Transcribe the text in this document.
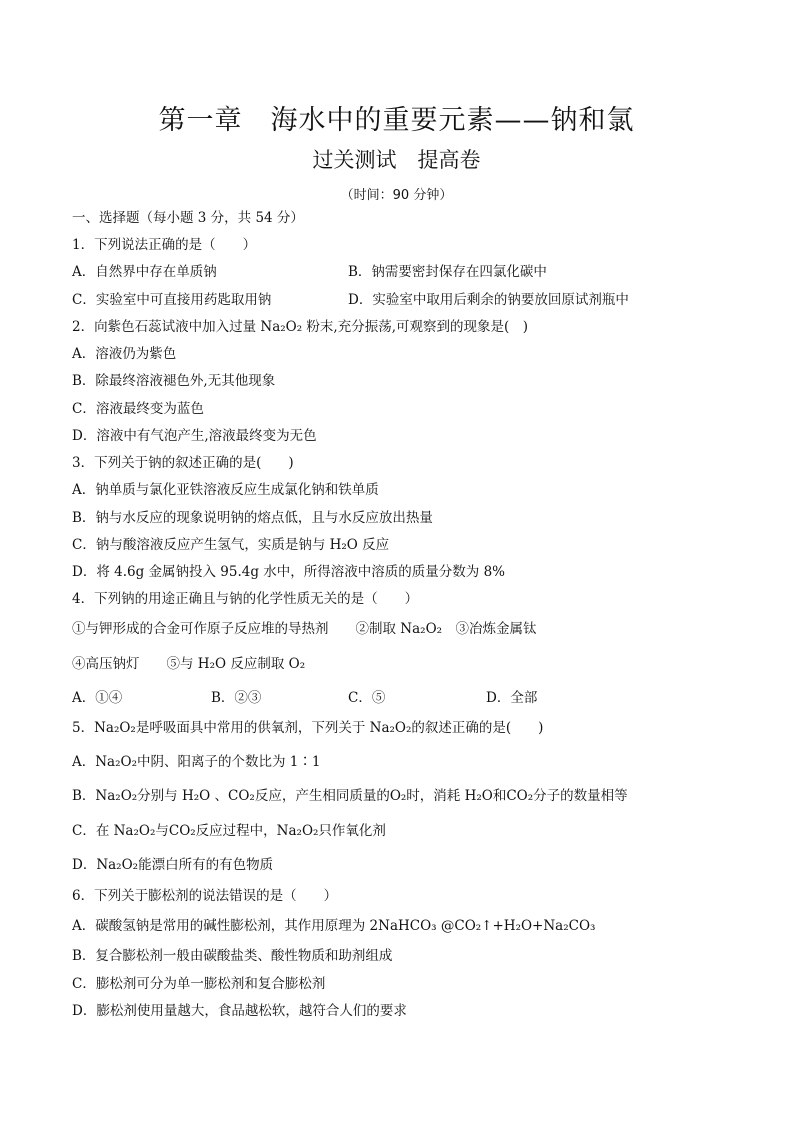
第一章　海水中的重要元素——钠和氯
过关测试　提高卷
（时间：90 分钟）
一、选择题（每小题 3 分，共 54 分）
1．下列说法正确的是（　　）
A．自然界中存在单质钠	B．钠需要密封保存在四氯化碳中
C．实验室中可直接用药匙取用钠	D．实验室中取用后剩余的钠要放回原试剂瓶中
2．向紫色石蕊试液中加入过量 Na₂O₂ 粉末,充分振荡,可观察到的现象是(　)
A．溶液仍为紫色
B．除最终溶液褪色外,无其他现象
C．溶液最终变为蓝色
D．溶液中有气泡产生,溶液最终变为无色
3．下列关于钠的叙述正确的是(　　)
A．钠单质与氯化亚铁溶液反应生成氯化钠和铁单质
B．钠与水反应的现象说明钠的熔点低，且与水反应放出热量
C．钠与酸溶液反应产生氢气，实质是钠与 H₂O 反应
D．将 4.6g 金属钠投入 95.4g 水中，所得溶液中溶质的质量分数为 8%
4．下列钠的用途正确且与钠的化学性质无关的是（　　）
①与钾形成的合金可作原子反应堆的导热剂　　②制取 Na₂O₂　③冶炼金属钛
④高压钠灯　　⑤与 H₂O 反应制取 O₂
A．①④	B．②③	C．⑤	D．全部
5．Na₂O₂是呼吸面具中常用的供氧剂，下列关于 Na₂O₂的叙述正确的是(　　)
A．Na₂O₂中阴、阳离子的个数比为 1∶1
B．Na₂O₂分别与 H₂O 、CO₂反应，产生相同质量的O₂时，消耗 H₂O和CO₂分子的数量相等
C．在 Na₂O₂与CO₂反应过程中，Na₂O₂只作氧化剂
D．Na₂O₂能漂白所有的有色物质
6．下列关于膨松剂的说法错误的是（　　）
A．碳酸氢钠是常用的碱性膨松剂，其作用原理为 2NaHCO₃ @CO₂↑+H₂O+Na₂CO₃
B．复合膨松剂一般由碳酸盐类、酸性物质和助剂组成
C．膨松剂可分为单一膨松剂和复合膨松剂
D．膨松剂使用量越大，食品越松软，越符合人们的要求
